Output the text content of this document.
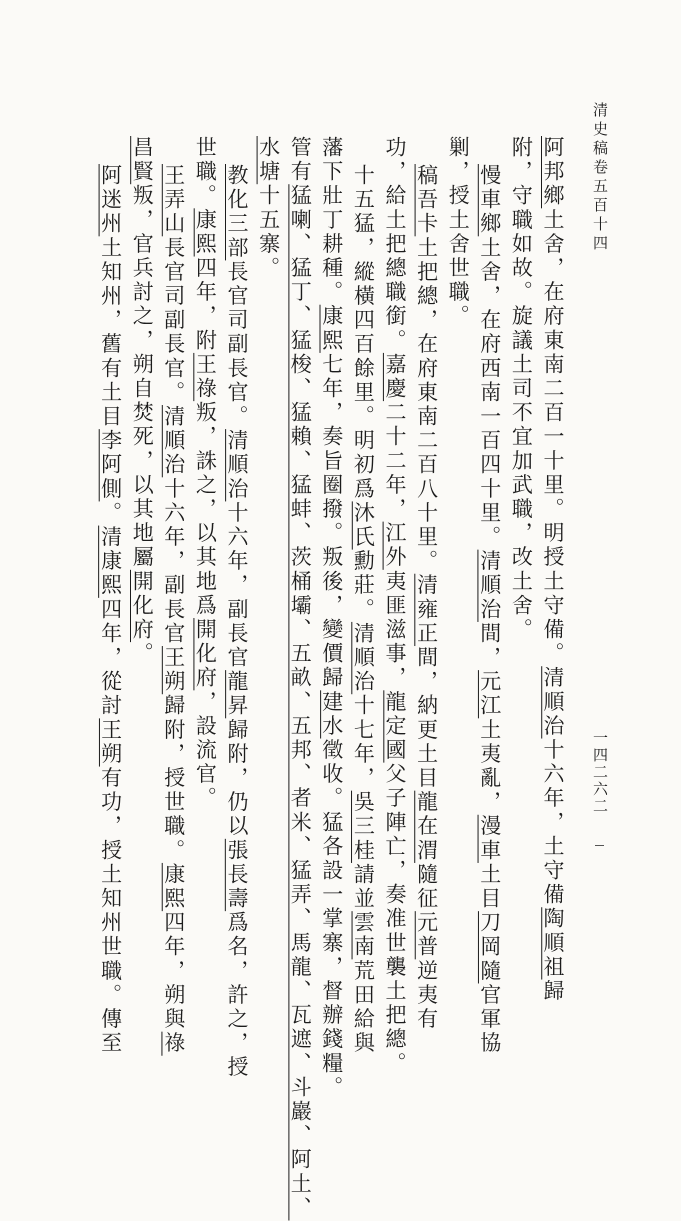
清史稿卷五百十四
一四二六二
阿邦鄉土舍，在府東南二百一十里。明授土守備。清順治十六年，土守備陶順祖歸
附，守職如故。旋議土司不宜加武職，改土舍。
慢車鄉土舍，在府西南一百四十里。清順治間，元江土夷亂，漫車土目刀岡隨官軍協
剿，授土舍世職。
稿吾卡土把總，在府東南二百八十里。清雍正間，納更土目龍在渭隨征元普逆夷有
功，給土把總職銜。嘉慶二十二年，江外夷匪滋事，龍定國父子陣亡，奏准世襲土把總。
十五猛，縱橫四百餘里。明初爲沐氏勳莊。清順治十七年，吳三桂請並雲南荒田給與
藩下壯丁耕種。康熙七年，奏旨圈撥。叛後，變價歸建水徵收。猛各設一掌寨，督辦錢糧。
管有猛喇、猛丁、猛梭、猛賴、猛蚌、茨桶壩、五畝、五邦、者米、猛弄、馬龍、瓦遮、斗巖、阿土、
水塘十五寨。
教化三部長官司副長官。清順治十六年，副長官龍昇歸附，仍以張長壽爲名，許之，授
世職。康熙四年，附王祿叛，誅之，以其地爲開化府，設流官。
王弄山長官司副長官。清順治十六年，副長官王朔歸附，授世職。康熙四年，朔與祿
昌賢叛，官兵討之，朔自焚死，以其地屬開化府。
阿迷州土知州，舊有土目李阿側。清康熙四年，從討王朔有功，授土知州世職。傳至
